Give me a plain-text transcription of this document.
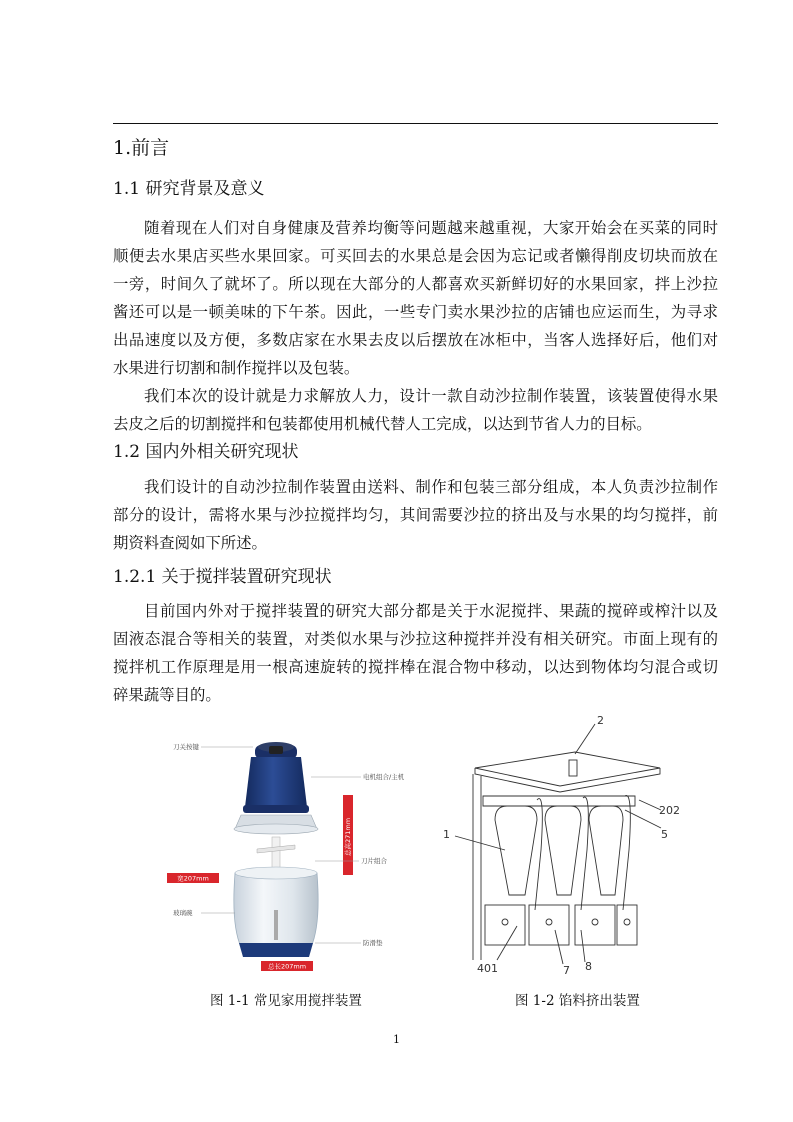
1.前言
1.1 研究背景及意义
随着现在人们对自身健康及营养均衡等问题越来越重视，大家开始会在买菜的同时
顺便去水果店买些水果回家。可买回去的水果总是会因为忘记或者懒得削皮切块而放在
一旁，时间久了就坏了。所以现在大部分的人都喜欢买新鲜切好的水果回家，拌上沙拉
酱还可以是一顿美味的下午茶。因此，一些专门卖水果沙拉的店铺也应运而生，为寻求
出品速度以及方便，多数店家在水果去皮以后摆放在冰柜中，当客人选择好后，他们对
水果进行切割和制作搅拌以及包装。
我们本次的设计就是力求解放人力，设计一款自动沙拉制作装置，该装置使得水果
去皮之后的切割搅拌和包装都使用机械代替人工完成，以达到节省人力的目标。
1.2 国内外相关研究现状
我们设计的自动沙拉制作装置由送料、制作和包装三部分组成，本人负责沙拉制作
部分的设计，需将水果与沙拉搅拌均匀，其间需要沙拉的挤出及与水果的均匀搅拌，前
期资料查阅如下所述。
1.2.1 关于搅拌装置研究现状
目前国内外对于搅拌装置的研究大部分都是关于水泥搅拌、果蔬的搅碎或榨汁以及
固液态混合等相关的装置，对类似水果与沙拉这种搅拌并没有相关研究。市面上现有的
搅拌机工作原理是用一根高速旋转的搅拌棒在混合物中移动，以达到物体均匀混合或切
碎果蔬等目的。
总高271mm
宽207mm
总长207mm
刀关按键
电机组合/主机
刀片组合
玻璃碗
防滑垫
2
202
1	5
401	7 8
图 1-1 常见家用搅拌装置	图 1-2 馅料挤出装置
1
